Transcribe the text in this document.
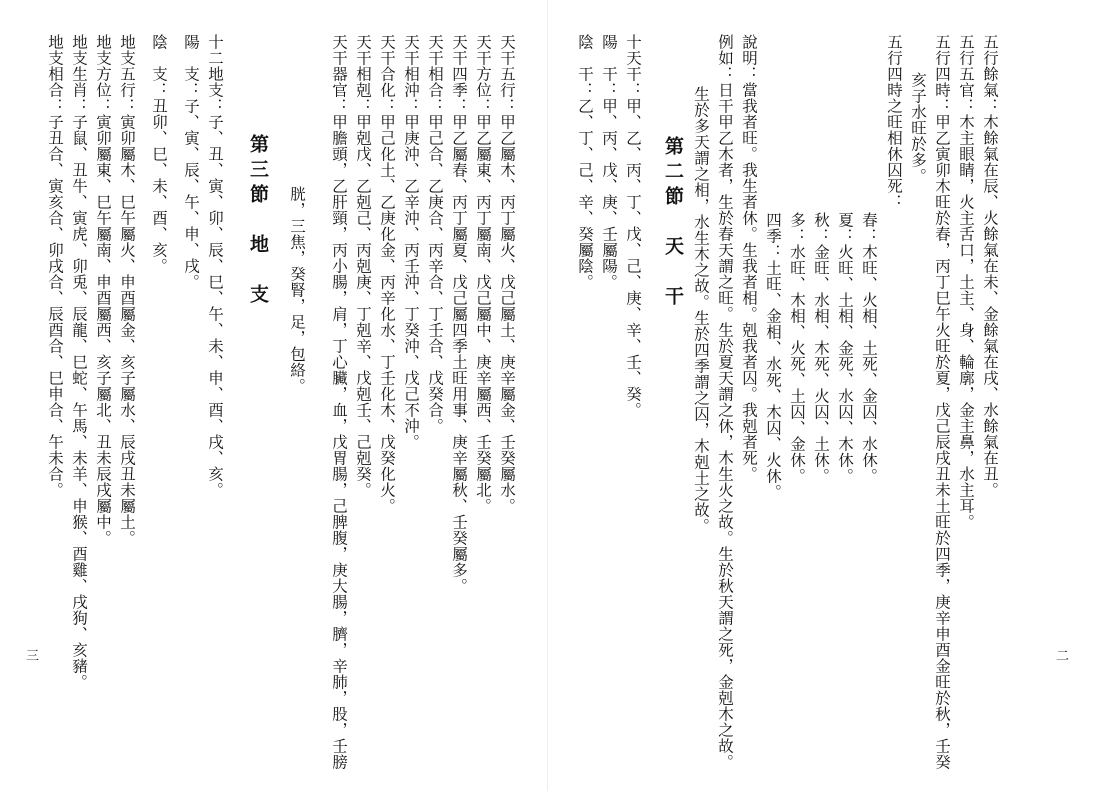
二
五行餘氣：木餘氣在辰、火餘氣在未、金餘氣在戌、水餘氣在丑。
五行五官：木主眼睛，火主舌口，土主、身、輪廓，金主鼻，水主耳。
五行四時：甲乙寅卯木旺於春，丙丁巳午火旺於夏，戊己辰戌丑未土旺於四季，庚辛申酉金旺於秋，壬癸
亥子水旺於多。
五行四時之旺相休囚死：
春：木旺、火相、土死、金囚、水休。
夏：火旺、土相、金死、水囚、木休。
秋：金旺、水相、木死、火囚、土休。
多：水旺、木相、火死、土囚、金休。
四季：土旺、金相、水死、木囚、火休。
說明：當我者旺。我生者休。生我者相。剋我者囚。我剋者死。
例如：日干甲乙木者，生於春天謂之旺。生於夏天謂之休，木生火之故。生於秋天謂之死，金剋木之故。
生於多天謂之相，水生木之故。生於四季謂之囚，木剋土之故。
第二節　天　干
十天干：甲、乙、丙、丁、戊、己、庚、辛、壬、癸。
陽　干：甲、丙、戊、庚、壬屬陽。
陰　干：乙、丁、己、辛、癸屬陰。
三
天干五行：甲乙屬木、丙丁屬火、戊己屬土、庚辛屬金、壬癸屬水。
天干方位：甲乙屬東、丙丁屬南、戊己屬中、庚辛屬西、壬癸屬北。
天干四季：甲乙屬春、丙丁屬夏、戊己屬四季土旺用事、庚辛屬秋、壬癸屬多。
天干相合：甲己合、乙庚合、丙辛合、丁壬合、戊癸合。
天干相沖：甲庚沖、乙辛沖、丙壬沖、丁癸沖、戊己不沖。
天干合化：甲己化土、乙庚化金、丙辛化水、丁壬化木、戊癸化火。
天干相剋：甲剋戊、乙剋己、丙剋庚、丁剋辛、戊剋壬、己剋癸。
天干器官：甲膽頭，乙肝頸，丙小腸，肩，丁心臟，血，戊胃腸，己脾腹，庚大腸，臍，辛肺，股，壬膀
胱，三焦，癸腎，足，包絡。
第三節　地　支
十二地支：子、丑、寅、卯、辰、巳、午、未、申、酉、戌、亥。
陽　支：子、寅、辰、午、申、戌。
陰　支：丑卯、巳、未、酉、亥。
地支五行：寅卯屬木、巳午屬火、申酉屬金、亥子屬水、辰戌丑未屬土。
地支方位：寅卯屬東、巳午屬南、申酉屬西、亥子屬北、丑未辰戌屬中。
地支生肖：子鼠、丑牛、寅虎、卯兎、辰龍、巳蛇、午馬、未羊、申猴、酉雞、戌狗、亥豬。
地支相合：子丑合、寅亥合、卯戌合、辰酉合、巳申合、午未合。
